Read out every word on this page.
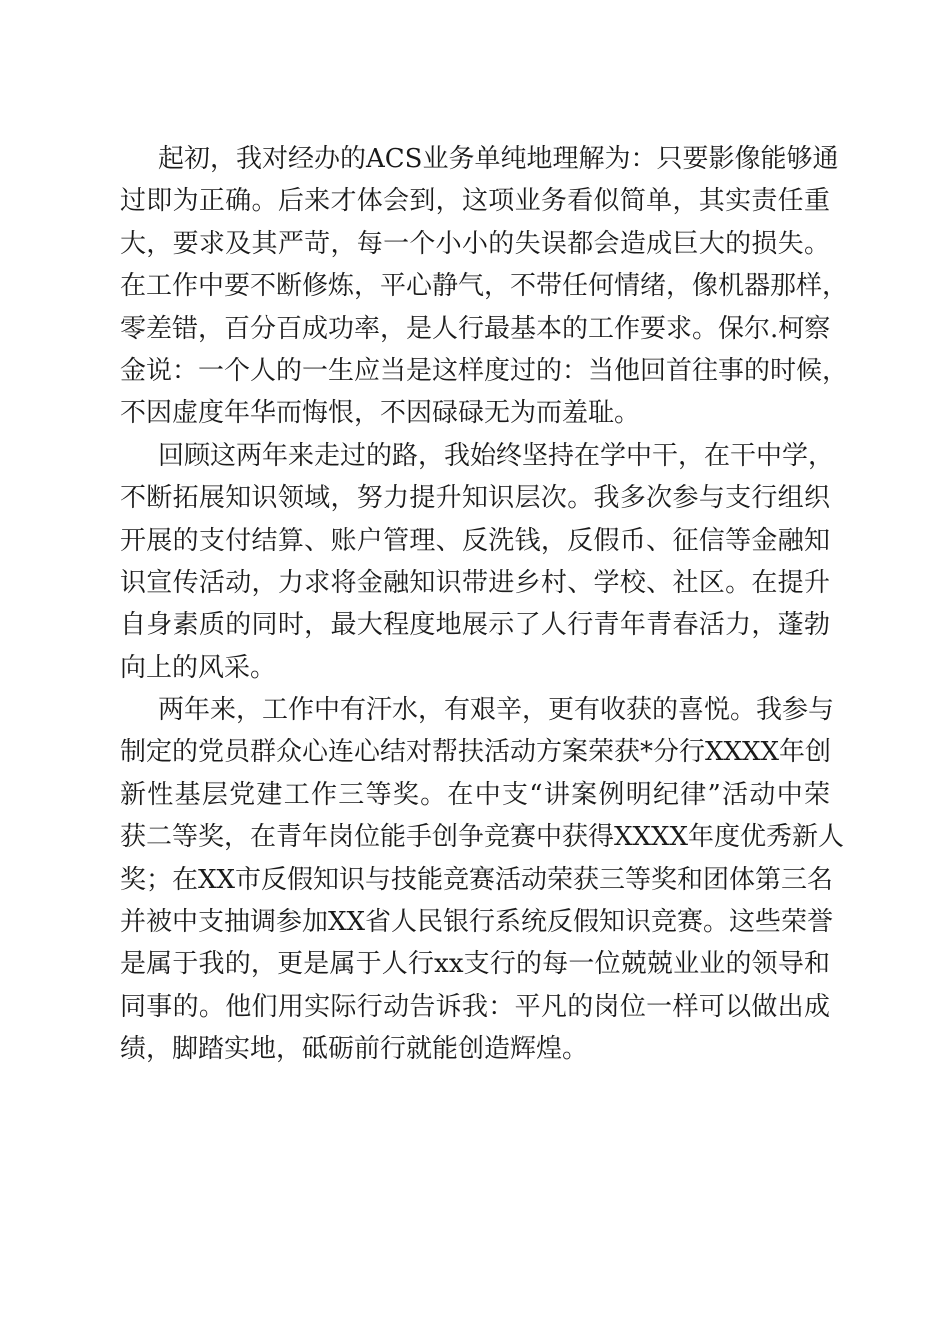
起初，我对经办的ACS业务单纯地理解为：只要影像能够通
过即为正确。后来才体会到，这项业务看似简单，其实责任重
大，要求及其严苛，每一个小小的失误都会造成巨大的损失。
在工作中要不断修炼，平心静气，不带任何情绪，像机器那样，
零差错，百分百成功率，是人行最基本的工作要求。保尔.柯察
金说：一个人的一生应当是这样度过的：当他回首往事的时候，
不因虚度年华而悔恨，不因碌碌无为而羞耻。
回顾这两年来走过的路，我始终坚持在学中干，在干中学，
不断拓展知识领域，努力提升知识层次。我多次参与支行组织
开展的支付结算、账户管理、反洗钱，反假币、征信等金融知
识宣传活动，力求将金融知识带进乡村、学校、社区。在提升
自身素质的同时，最大程度地展示了人行青年青春活力，蓬勃
向上的风采。
两年来，工作中有汗水，有艰辛，更有收获的喜悦。我参与
制定的党员群众心连心结对帮扶活动方案荣获*分行XXXX年创
新性基层党建工作三等奖。在中支“讲案例明纪律”活动中荣
获二等奖，在青年岗位能手创争竞赛中获得XXXX年度优秀新人
奖；在XX市反假知识与技能竞赛活动荣获三等奖和团体第三名
并被中支抽调参加XX省人民银行系统反假知识竞赛。这些荣誉
是属于我的，更是属于人行xx支行的每一位兢兢业业的领导和
同事的。他们用实际行动告诉我：平凡的岗位一样可以做出成
绩，脚踏实地，砥砺前行就能创造辉煌。
